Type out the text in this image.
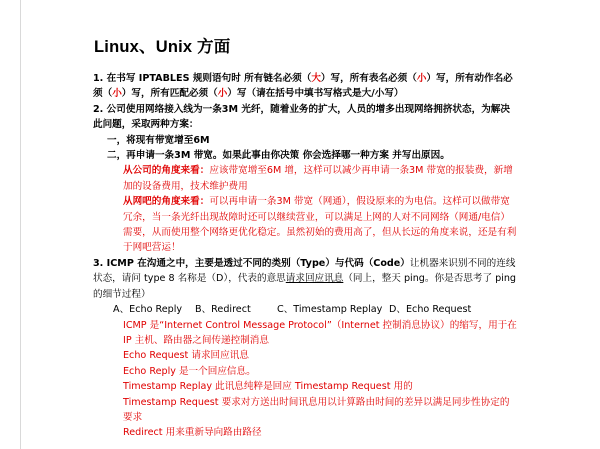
Linux、Unix 方面

1. 在书写 IPTABLES 规则语句时 所有链名必须（大）写，所有表名必须（小）写，所有动作名必须（小）写，所有匹配必须（小）写（请在括号中填书写格式是大/小写）

2. 公司使用网络接入线为一条3M 光纤，随着业务的扩大，人员的增多出现网络拥挤状态，为解决此问题，采取两种方案：

一，将现有带宽增至6M

二，再申请一条3M 带宽。如果此事由你决策 你会选择哪一种方案 并写出原因。

从公司的角度来看：应该带宽增至6M 增，这样可以减少再申请一条3M 带宽的报装费，新增加的设备费用，技术维护费用

从网吧的角度来看：可以再申请一条3M 带宽（网通），假设原来的为电信。这样可以做带宽冗余，当一条光纤出现故障时还可以继续营业，可以满足上网的人对不同网络（网通/电信）需要，从而使用整个网络更优化稳定。虽然初始的费用高了，但从长远的角度来说，还是有利于网吧营运！

3. ICMP 在沟通之中，主要是透过不同的类别（Type）与代码（Code）让机器来识别不同的连线状态，请问 type 8 名称是（D），代表的意思请求回应讯息（同上，整天 ping。你是否思考了 ping 的细节过程）

A、Echo Reply	B、Redirect	C、Timestamp Replay D、Echo Request

ICMP 是“Internet Control Message Protocol”（Internet 控制消息协议）的缩写，用于在 IP 主机、路由器之间传递控制消息

Echo Request 请求回应讯息

Echo Reply 是一个回应信息。

Timestamp Replay 此讯息纯粹是回应 Timestamp Request 用的

Timestamp Request 要求对方送出时间讯息用以计算路由时间的差异以满足同步性协定的要求

Redirect 用来重新导向路由路径
